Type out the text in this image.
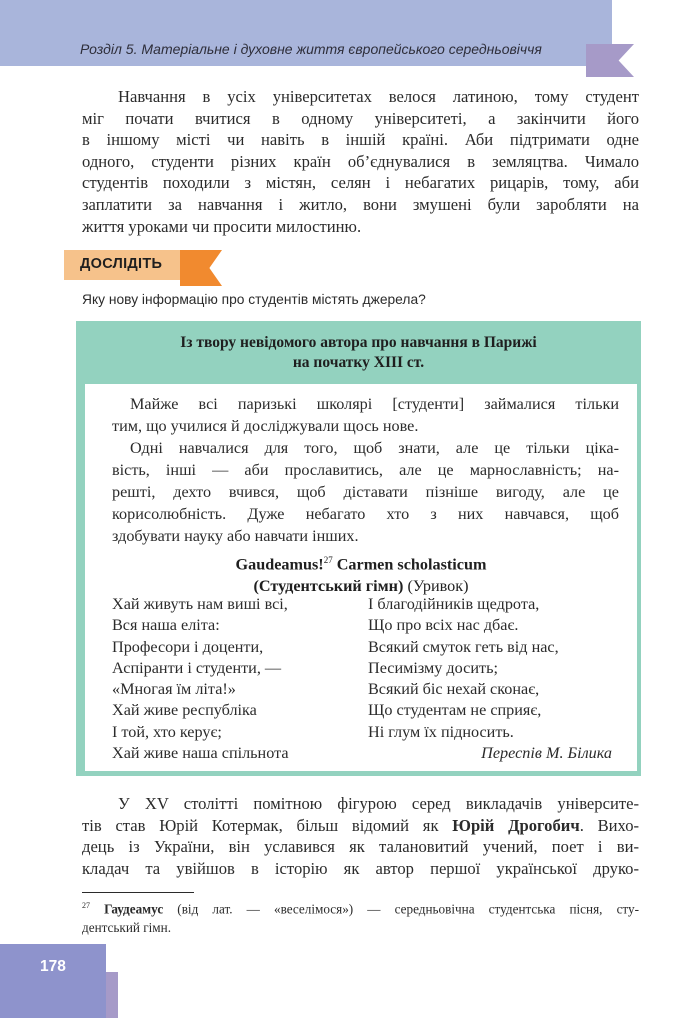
Розділ 5. Матеріальне і духовне життя європейського середньовіччя

Навчання в усіх університетах велося латиною, тому студент
міг почати вчитися в одному університеті, а закінчити його
в іншому місті чи навіть в іншій країні. Аби підтримати одне
одного, студенти різних країн об’єднувалися в земляцтва. Чимало
студентів походили з містян, селян і небагатих рицарів, тому, аби
заплатити за навчання і житло, вони змушені були заробляти на
життя уроками чи просити милостиню.

ДОСЛІДІТЬ
Яку нову інформацію про студентів містять джерела?
Із твору невідомого автора про навчання в Парижі
на початку XIII ст.

Майже всі паризькі школярі [студенти] займалися тільки
тим, що училися й досліджували щось нове.
Одні навчалися для того, щоб знати, але це тільки ціка-
вість, інші — аби прославитись, але це марнославність; на-
решті, дехто вчився, щоб діставати пізніше вигоду, але це
корисолюбність. Дуже небагато хто з них навчався, щоб
здобувати науку або навчати інших.

Gaudeamus!$^{27}$ Carmen scholasticum
(Студентський гімн) (Уривок)

Хай живуть нам виші всі,
Вся наша еліта:
Професори і доценти,
Аспіранти і студенти, —
«Многая їм літа!»
Хай живе республіка
І той, хто керує;
Хай живе наша спільнота

І благодійників щедрота,
Що про всіх нас дбає.
Всякий смуток геть від нас,
Песимізму досить;
Всякий біс нехай сконає,
Що студентам не сприяє,
Ні глум їх підносить.

Переспів М. Білика

У XV столітті помітною фігурою серед викладачів університе-
тів став Юрій Котермак, більш відомий як Юрій Дрогобич. Вихо-
дець із України, він уславився як талановитий учений, поет і ви-
кладач та увійшов в історію як автор першої української друко-

$^{27}$ Гаудеамус (від лат. — «веселімося») — середньовічна студентська пісня, сту-
дентський гімн.

178
